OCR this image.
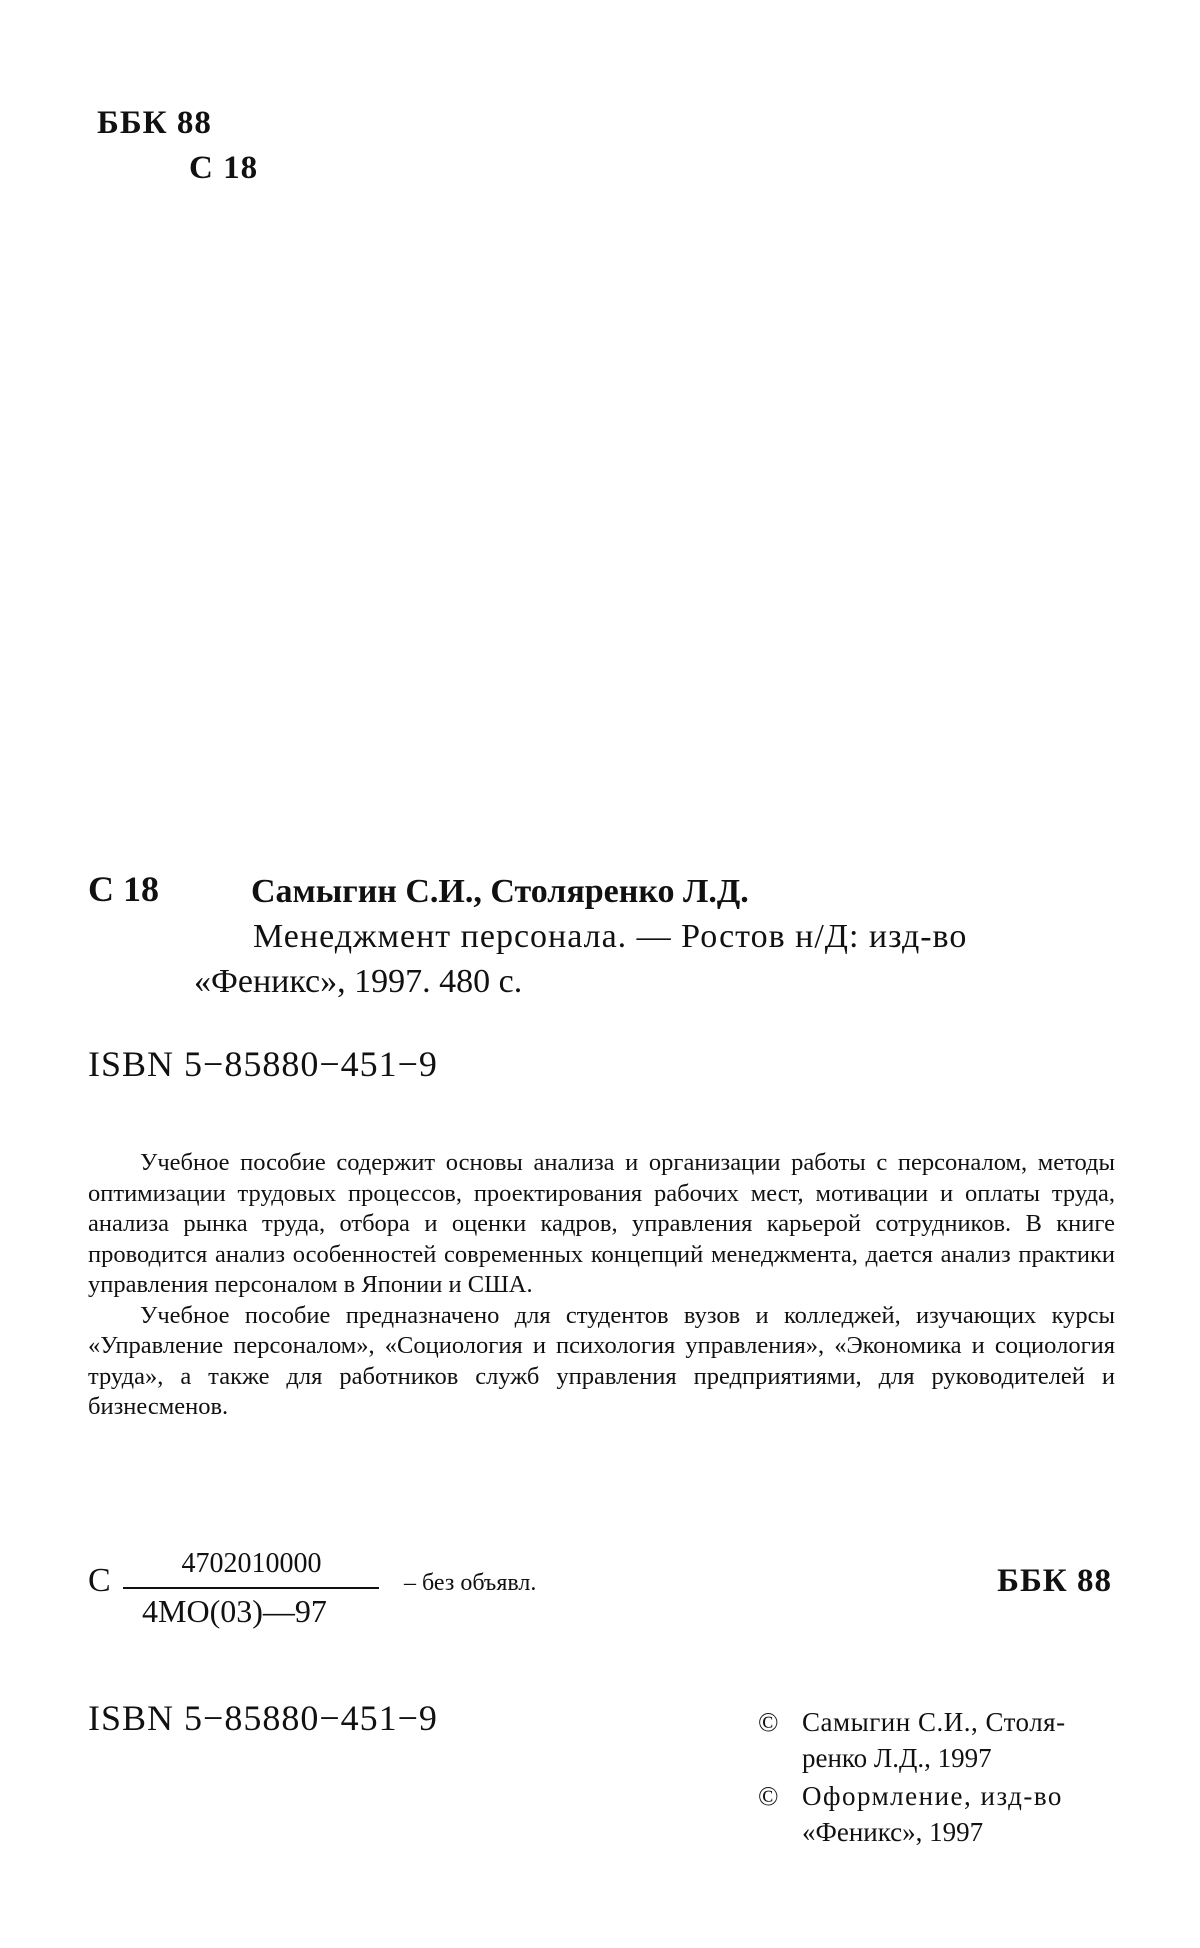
ББК 88
С 18
С 18	Самыгин С.И., Столяренко Л.Д.
Менеджмент персонала. — Ростов н/Д: изд-во
«Феникс», 1997. 480 с.
ISBN 5−85880−451−9

Учебное пособие содержит основы анализа и организации работы с персоналом, методы оптимизации трудовых процессов, проектирования рабочих мест, мотивации и оплаты труда, анализа рынка труда, отбора и оценки кадров, управления карьерой сотрудников. В книге проводится анализ особенностей современных концепций менеджмента, дается анализ практики управления персоналом в Японии и США.

Учебное пособие предназначено для студентов вузов и колледжей, изучающих курсы «Управление персоналом», «Социология и психология управления», «Экономика и социология труда», а также для работников служб управления предприятиями, для руководителей и бизнесменов.

С	4702010000
4МО(03)—97
– без объявл.	ББК 88
ISBN 5−85880−451−9	© Самыгин С.И., Столя-
ренко Л.Д., 1997
© Оформление, изд-во
«Феникс», 1997
